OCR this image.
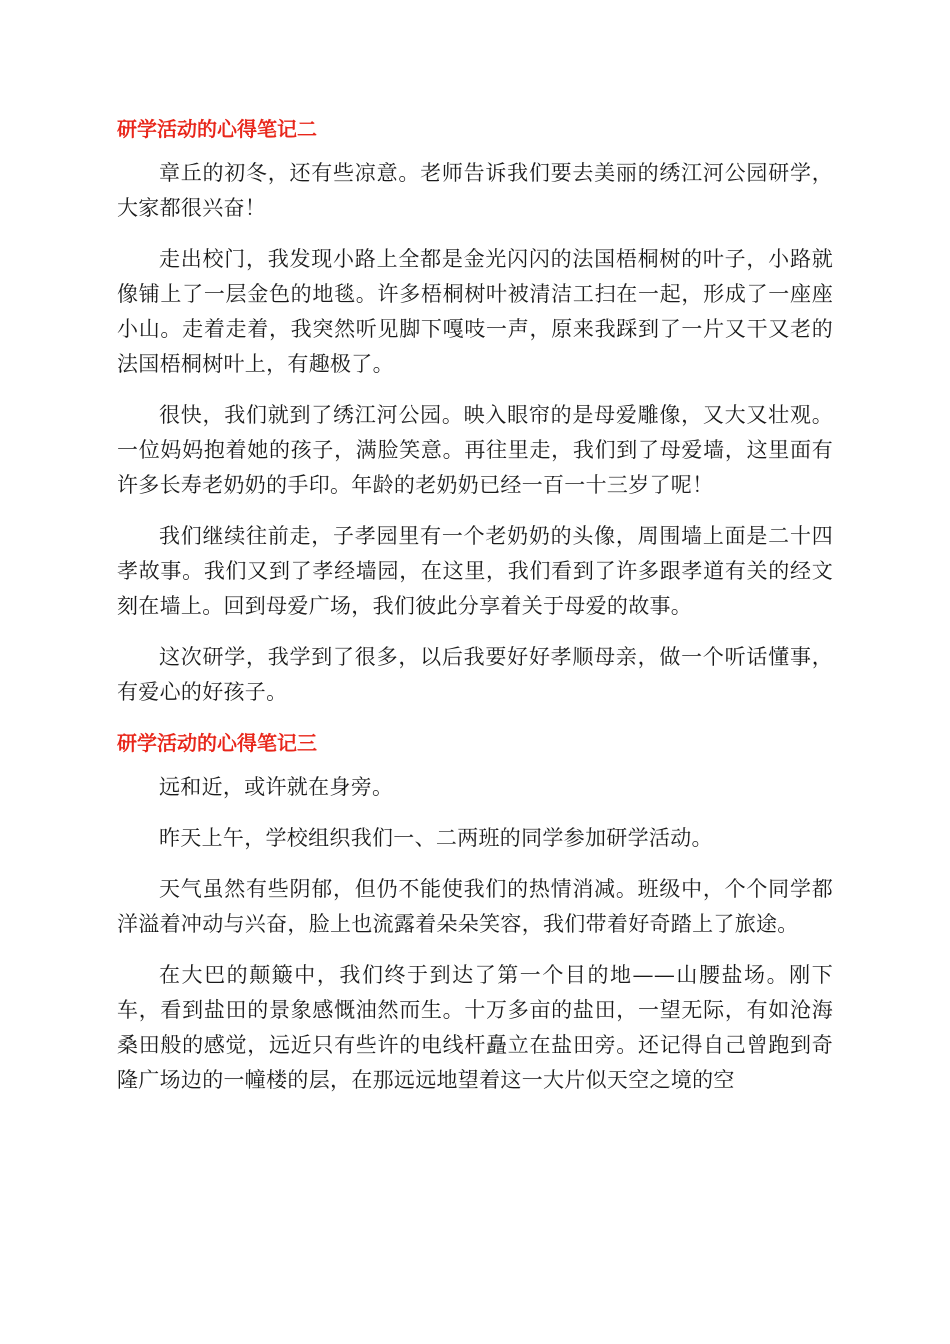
研学活动的心得笔记二

章丘的初冬，还有些凉意。老师告诉我们要去美丽的绣江河公园研学，大家都很兴奋！

走出校门，我发现小路上全都是金光闪闪的法国梧桐树的叶子，小路就像铺上了一层金色的地毯。许多梧桐树叶被清洁工扫在一起，形成了一座座小山。走着走着，我突然听见脚下嘎吱一声，原来我踩到了一片又干又老的法国梧桐树叶上，有趣极了。

很快，我们就到了绣江河公园。映入眼帘的是母爱雕像，又大又壮观。一位妈妈抱着她的孩子，满脸笑意。再往里走，我们到了母爱墙，这里面有许多长寿老奶奶的手印。年龄的老奶奶已经一百一十三岁了呢！

我们继续往前走，子孝园里有一个老奶奶的头像，周围墙上面是二十四孝故事。我们又到了孝经墙园，在这里，我们看到了许多跟孝道有关的经文刻在墙上。回到母爱广场，我们彼此分享着关于母爱的故事。

这次研学，我学到了很多，以后我要好好孝顺母亲，做一个听话懂事，有爱心的好孩子。

研学活动的心得笔记三

远和近，或许就在身旁。

昨天上午，学校组织我们一、二两班的同学参加研学活动。

天气虽然有些阴郁，但仍不能使我们的热情消减。班级中，个个同学都洋溢着冲动与兴奋，脸上也流露着朵朵笑容，我们带着好奇踏上了旅途。

在大巴的颠簸中，我们终于到达了第一个目的地——山腰盐场。刚下车，看到盐田的景象感慨油然而生。十万多亩的盐田，一望无际，有如沧海桑田般的感觉，远近只有些许的电线杆矗立在盐田旁。还记得自己曾跑到奇隆广场边的一幢楼的层，在那远远地望着这一大片似天空之境的空
